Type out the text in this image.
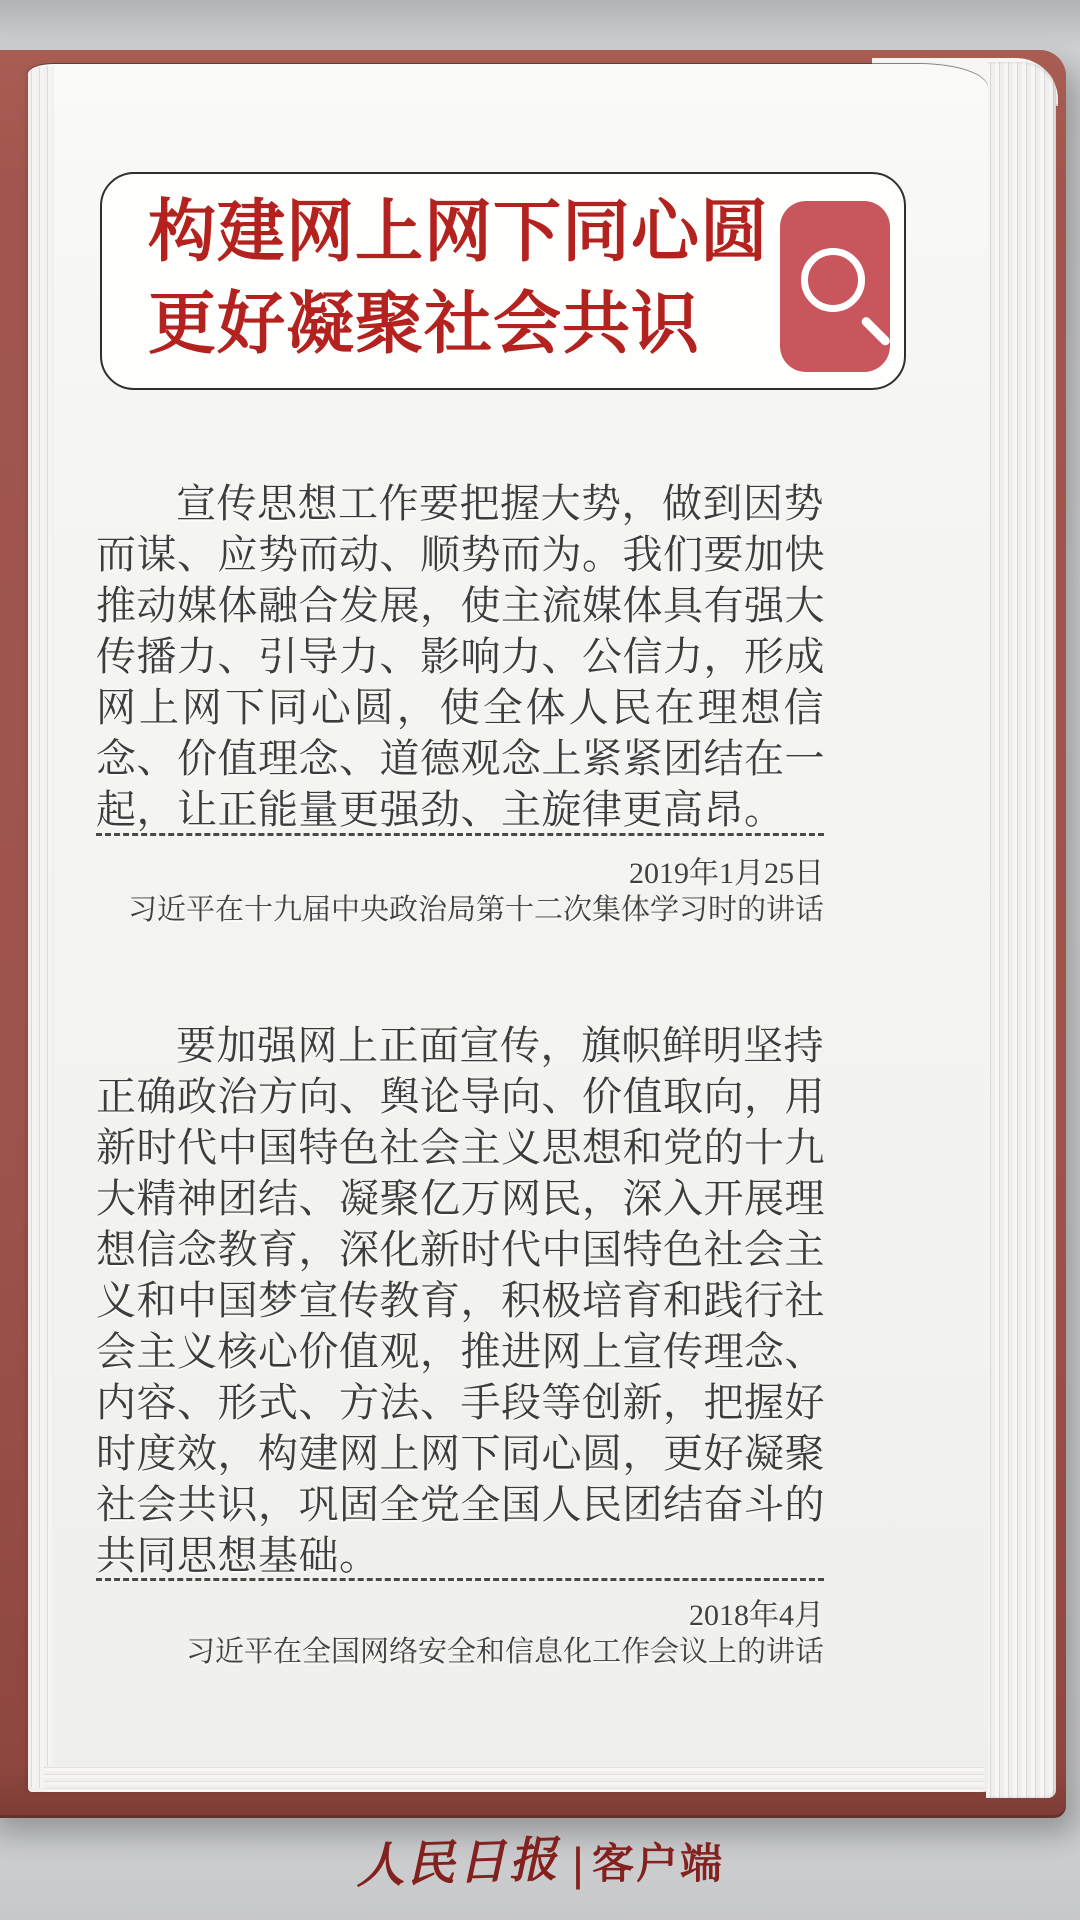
构建网上网下同心圆
更好凝聚社会共识
宣传思想工作要把握大势，做到因势
而谋、应势而动、顺势而为。我们要加快
推动媒体融合发展，使主流媒体具有强大
传播力、引导力、影响力、公信力，形成
网上网下同心圆，使全体人民在理想信
念、价值理念、道德观念上紧紧团结在一
起，让正能量更强劲、主旋律更高昂。
2019年1月25日
习近平在十九届中央政治局第十二次集体学习时的讲话
要加强网上正面宣传，旗帜鲜明坚持
正确政治方向、舆论导向、价值取向，用
新时代中国特色社会主义思想和党的十九
大精神团结、凝聚亿万网民，深入开展理
想信念教育，深化新时代中国特色社会主
义和中国梦宣传教育，积极培育和践行社
会主义核心价值观，推进网上宣传理念、
内容、形式、方法、手段等创新，把握好
时度效，构建网上网下同心圆，更好凝聚
社会共识，巩固全党全国人民团结奋斗的
共同思想基础。
2018年4月
习近平在全国网络安全和信息化工作会议上的讲话
人民日报 | 客户端
